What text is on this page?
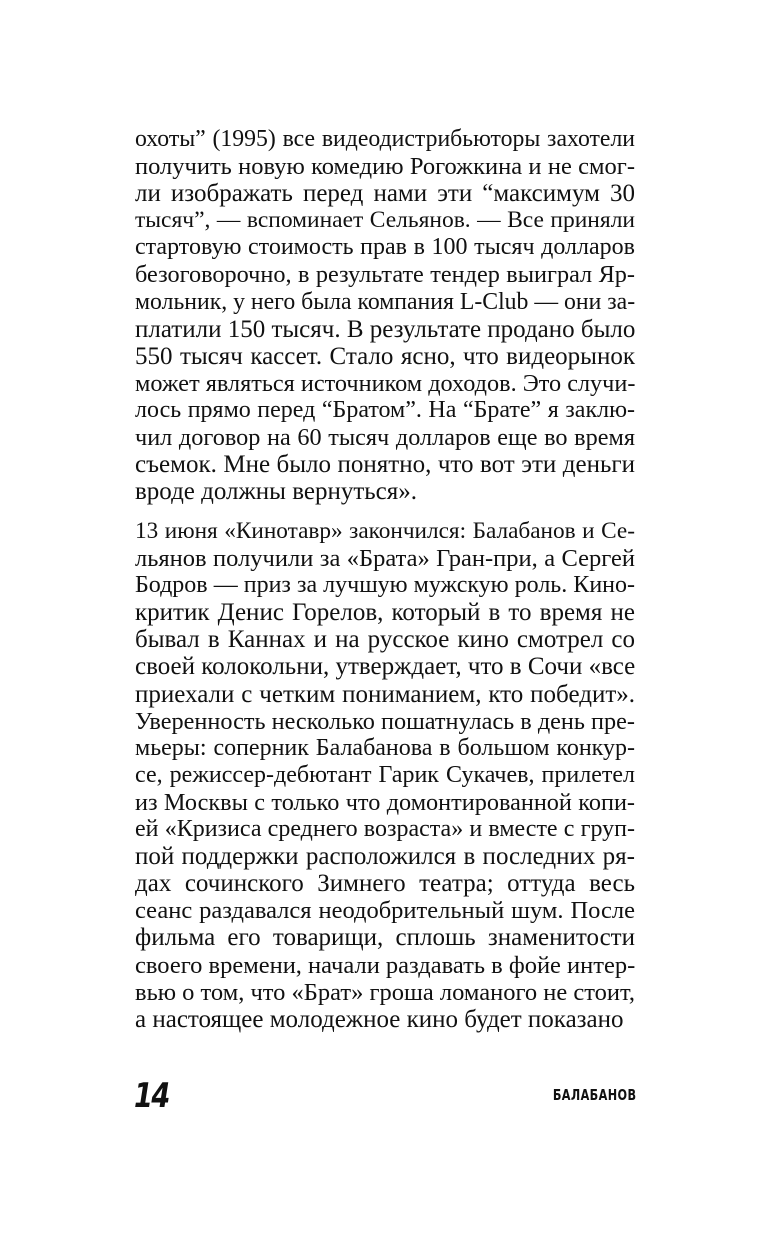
охоты” (1995) все видеодистрибьюторы захотели
получить новую комедию Рогожкина и не смог-
ли изображать перед нами эти “максимум 30
тысяч”, — вспоминает Сельянов. — Все приняли
стартовую стоимость прав в 100 тысяч долларов
безоговорочно, в результате тендер выиграл Яр-
мольник, у него была компания L-Club — они за-
платили 150 тысяч. В результате продано было
550 тысяч кассет. Стало ясно, что видеорынок
может являться источником доходов. Это случи-
лось прямо перед “Братом”. На “Брате” я заклю-
чил договор на 60 тысяч долларов еще во время
съемок. Мне было понятно, что вот эти деньги
вроде должны вернуться».
13 июня «Кинотавр» закончился: Балабанов и Се-
льянов получили за «Брата» Гран-при, а Сергей
Бодров — приз за лучшую мужскую роль. Кино-
критик Денис Горелов, который в то время не
бывал в Каннах и на русское кино смотрел со
своей колокольни, утверждает, что в Сочи «все
приехали с четким пониманием, кто победит».
Уверенность несколько пошатнулась в день пре-
мьеры: соперник Балабанова в большом конкур-
се, режиссер-дебютант Гарик Сукачев, прилетел
из Москвы с только что домонтированной копи-
ей «Кризиса среднего возраста» и вместе с груп-
пой поддержки расположился в последних ря-
дах сочинского Зимнего театра; оттуда весь
сеанс раздавался неодобрительный шум. После
фильма его товарищи, сплошь знаменитости
своего времени, начали раздавать в фойе интер-
вью о том, что «Брат» гроша ломаного не стоит,
а настоящее молодежное кино будет показано
14	БАЛАБАНОВ
